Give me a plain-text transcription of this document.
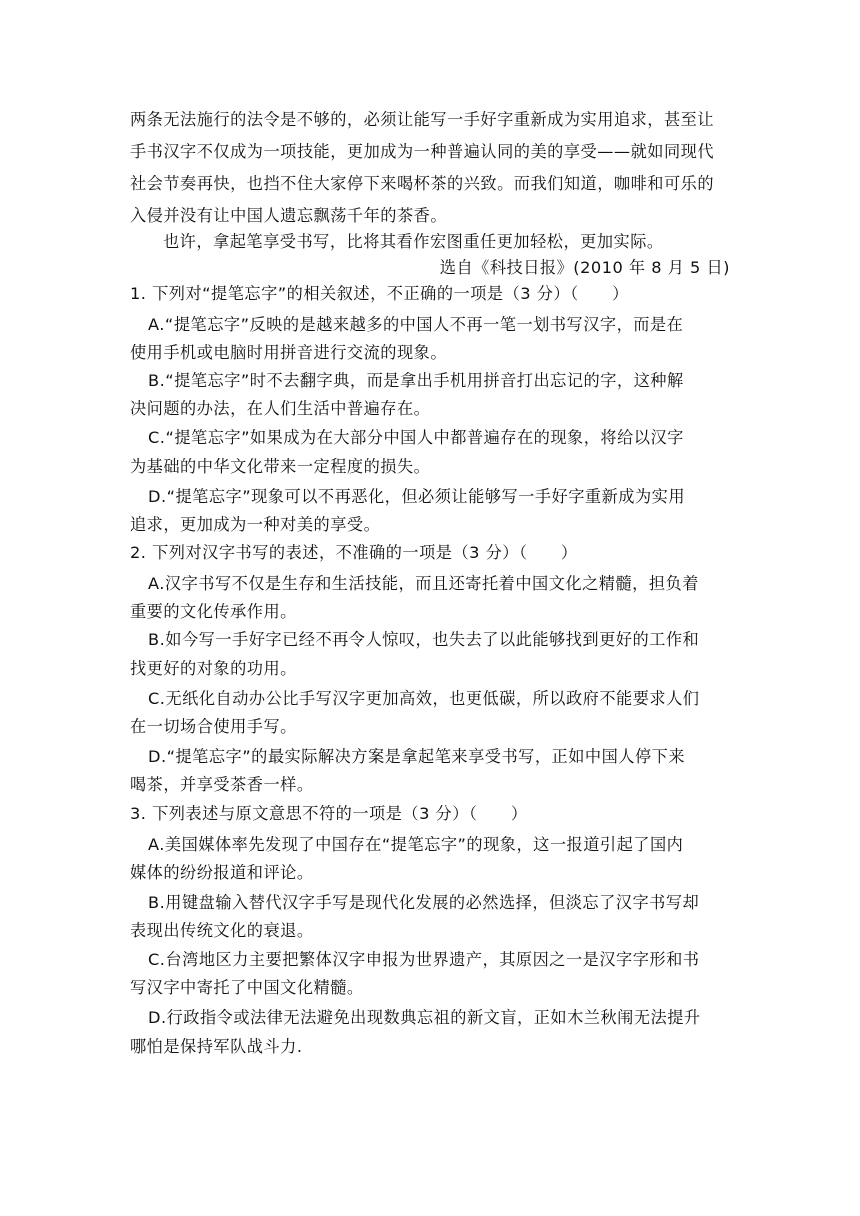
两条无法施行的法令是不够的，必须让能写一手好字重新成为实用追求，甚至让
手书汉字不仅成为一项技能，更加成为一种普遍认同的美的享受——就如同现代
社会节奏再快，也挡不住大家停下来喝杯茶的兴致。而我们知道，咖啡和可乐的
入侵并没有让中国人遗忘飘荡千年的茶香。
也许，拿起笔享受书写，比将其看作宏图重任更加轻松，更加实际。
选自《科技日报》(2010 年 8 月 5 日)
1. 下列对“提笔忘字”的相关叙述，不正确的一项是（3 分）（　　）
A.“提笔忘字”反映的是越来越多的中国人不再一笔一划书写汉字，而是在
使用手机或电脑时用拼音进行交流的现象。
B.“提笔忘字”时不去翻字典，而是拿出手机用拼音打出忘记的字，这种解
决问题的办法，在人们生活中普遍存在。
C.“提笔忘字”如果成为在大部分中国人中都普遍存在的现象，将给以汉字
为基础的中华文化带来一定程度的损失。
D.“提笔忘字”现象可以不再恶化，但必须让能够写一手好字重新成为实用
追求，更加成为一种对美的享受。
2. 下列对汉字书写的表述，不准确的一项是（3 分）（　　）
A.汉字书写不仅是生存和生活技能，而且还寄托着中国文化之精髓，担负着
重要的文化传承作用。
B.如今写一手好字已经不再令人惊叹，也失去了以此能够找到更好的工作和
找更好的对象的功用。
C.无纸化自动办公比手写汉字更加高效，也更低碳，所以政府不能要求人们
在一切场合使用手写。
D.“提笔忘字”的最实际解决方案是拿起笔来享受书写，正如中国人停下来
喝茶，并享受茶香一样。
3. 下列表述与原文意思不符的一项是（3 分）（　　）
A.美国媒体率先发现了中国存在“提笔忘字”的现象，这一报道引起了国内
媒体的纷纷报道和评论。
B.用键盘输入替代汉字手写是现代化发展的必然选择，但淡忘了汉字书写却
表现出传统文化的衰退。
C.台湾地区力主要把繁体汉字申报为世界遗产，其原因之一是汉字字形和书
写汉字中寄托了中国文化精髓。
D.行政指令或法律无法避免出现数典忘祖的新文盲，正如木兰秋闱无法提升
哪怕是保持军队战斗力.
